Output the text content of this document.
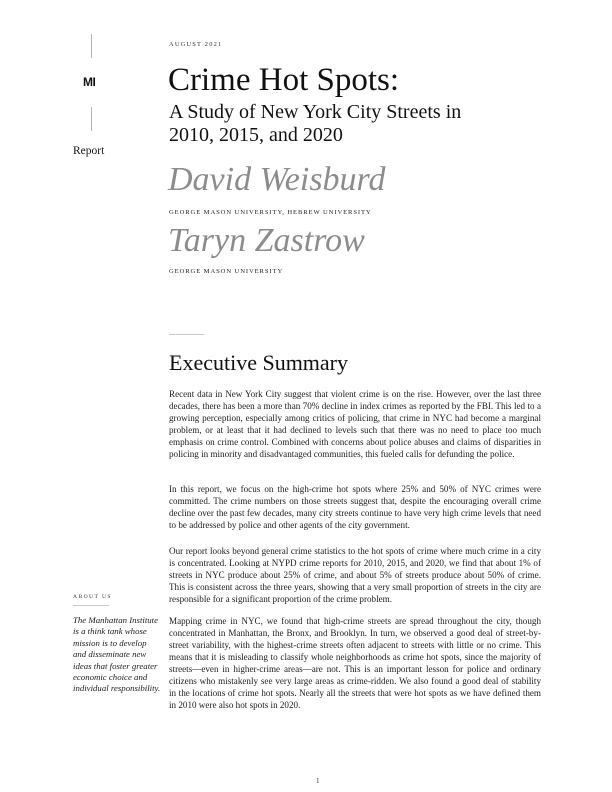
MI
Report
ABOUT US
The Manhattan Institute is a think tank whose mission is to develop and disseminate new ideas that foster greater economic choice and individual responsibility.
AUGUST 2021
Crime Hot Spots:
A Study of New York City Streets in 2010, 2015, and 2020
David Weisburd
GEORGE MASON UNIVERSITY, HEBREW UNIVERSITY
Taryn Zastrow
GEORGE MASON UNIVERSITY
Executive Summary

Recent data in New York City suggest that violent crime is on the rise. However, over the last three decades, there has been a more than 70% decline in index crimes as reported by the FBI. This led to a growing perception, especially among critics of policing, that crime in NYC had become a marginal problem, or at least that it had declined to levels such that there was no need to place too much emphasis on crime control. Combined with concerns about police abuses and claims of disparities in policing in minority and disadvantaged communities, this fueled calls for defunding the police.

In this report, we focus on the high-crime hot spots where 25% and 50% of NYC crimes were committed. The crime numbers on those streets suggest that, despite the encouraging overall crime decline over the past few decades, many city streets continue to have very high crime levels that need to be addressed by police and other agents of the city government.

Our report looks beyond general crime statistics to the hot spots of crime where much crime in a city is concentrated. Looking at NYPD crime reports for 2010, 2015, and 2020, we find that about 1% of streets in NYC produce about 25% of crime, and about 5% of streets produce about 50% of crime. This is consistent across the three years, showing that a very small proportion of streets in the city are responsible for a significant proportion of the crime problem.

Mapping crime in NYC, we found that high-crime streets are spread throughout the city, though concentrated in Manhattan, the Bronx, and Brooklyn. In turn, we observed a good deal of street-by-street variability, with the highest-crime streets often adjacent to streets with little or no crime. This means that it is misleading to classify whole neighborhoods as crime hot spots, since the majority of streets—even in higher-crime areas—are not. This is an important lesson for police and ordinary citizens who mistakenly see very large areas as crime-ridden. We also found a good deal of stability in the locations of crime hot spots. Nearly all the streets that were hot spots as we have defined them in 2010 were also hot spots in 2020.

1
